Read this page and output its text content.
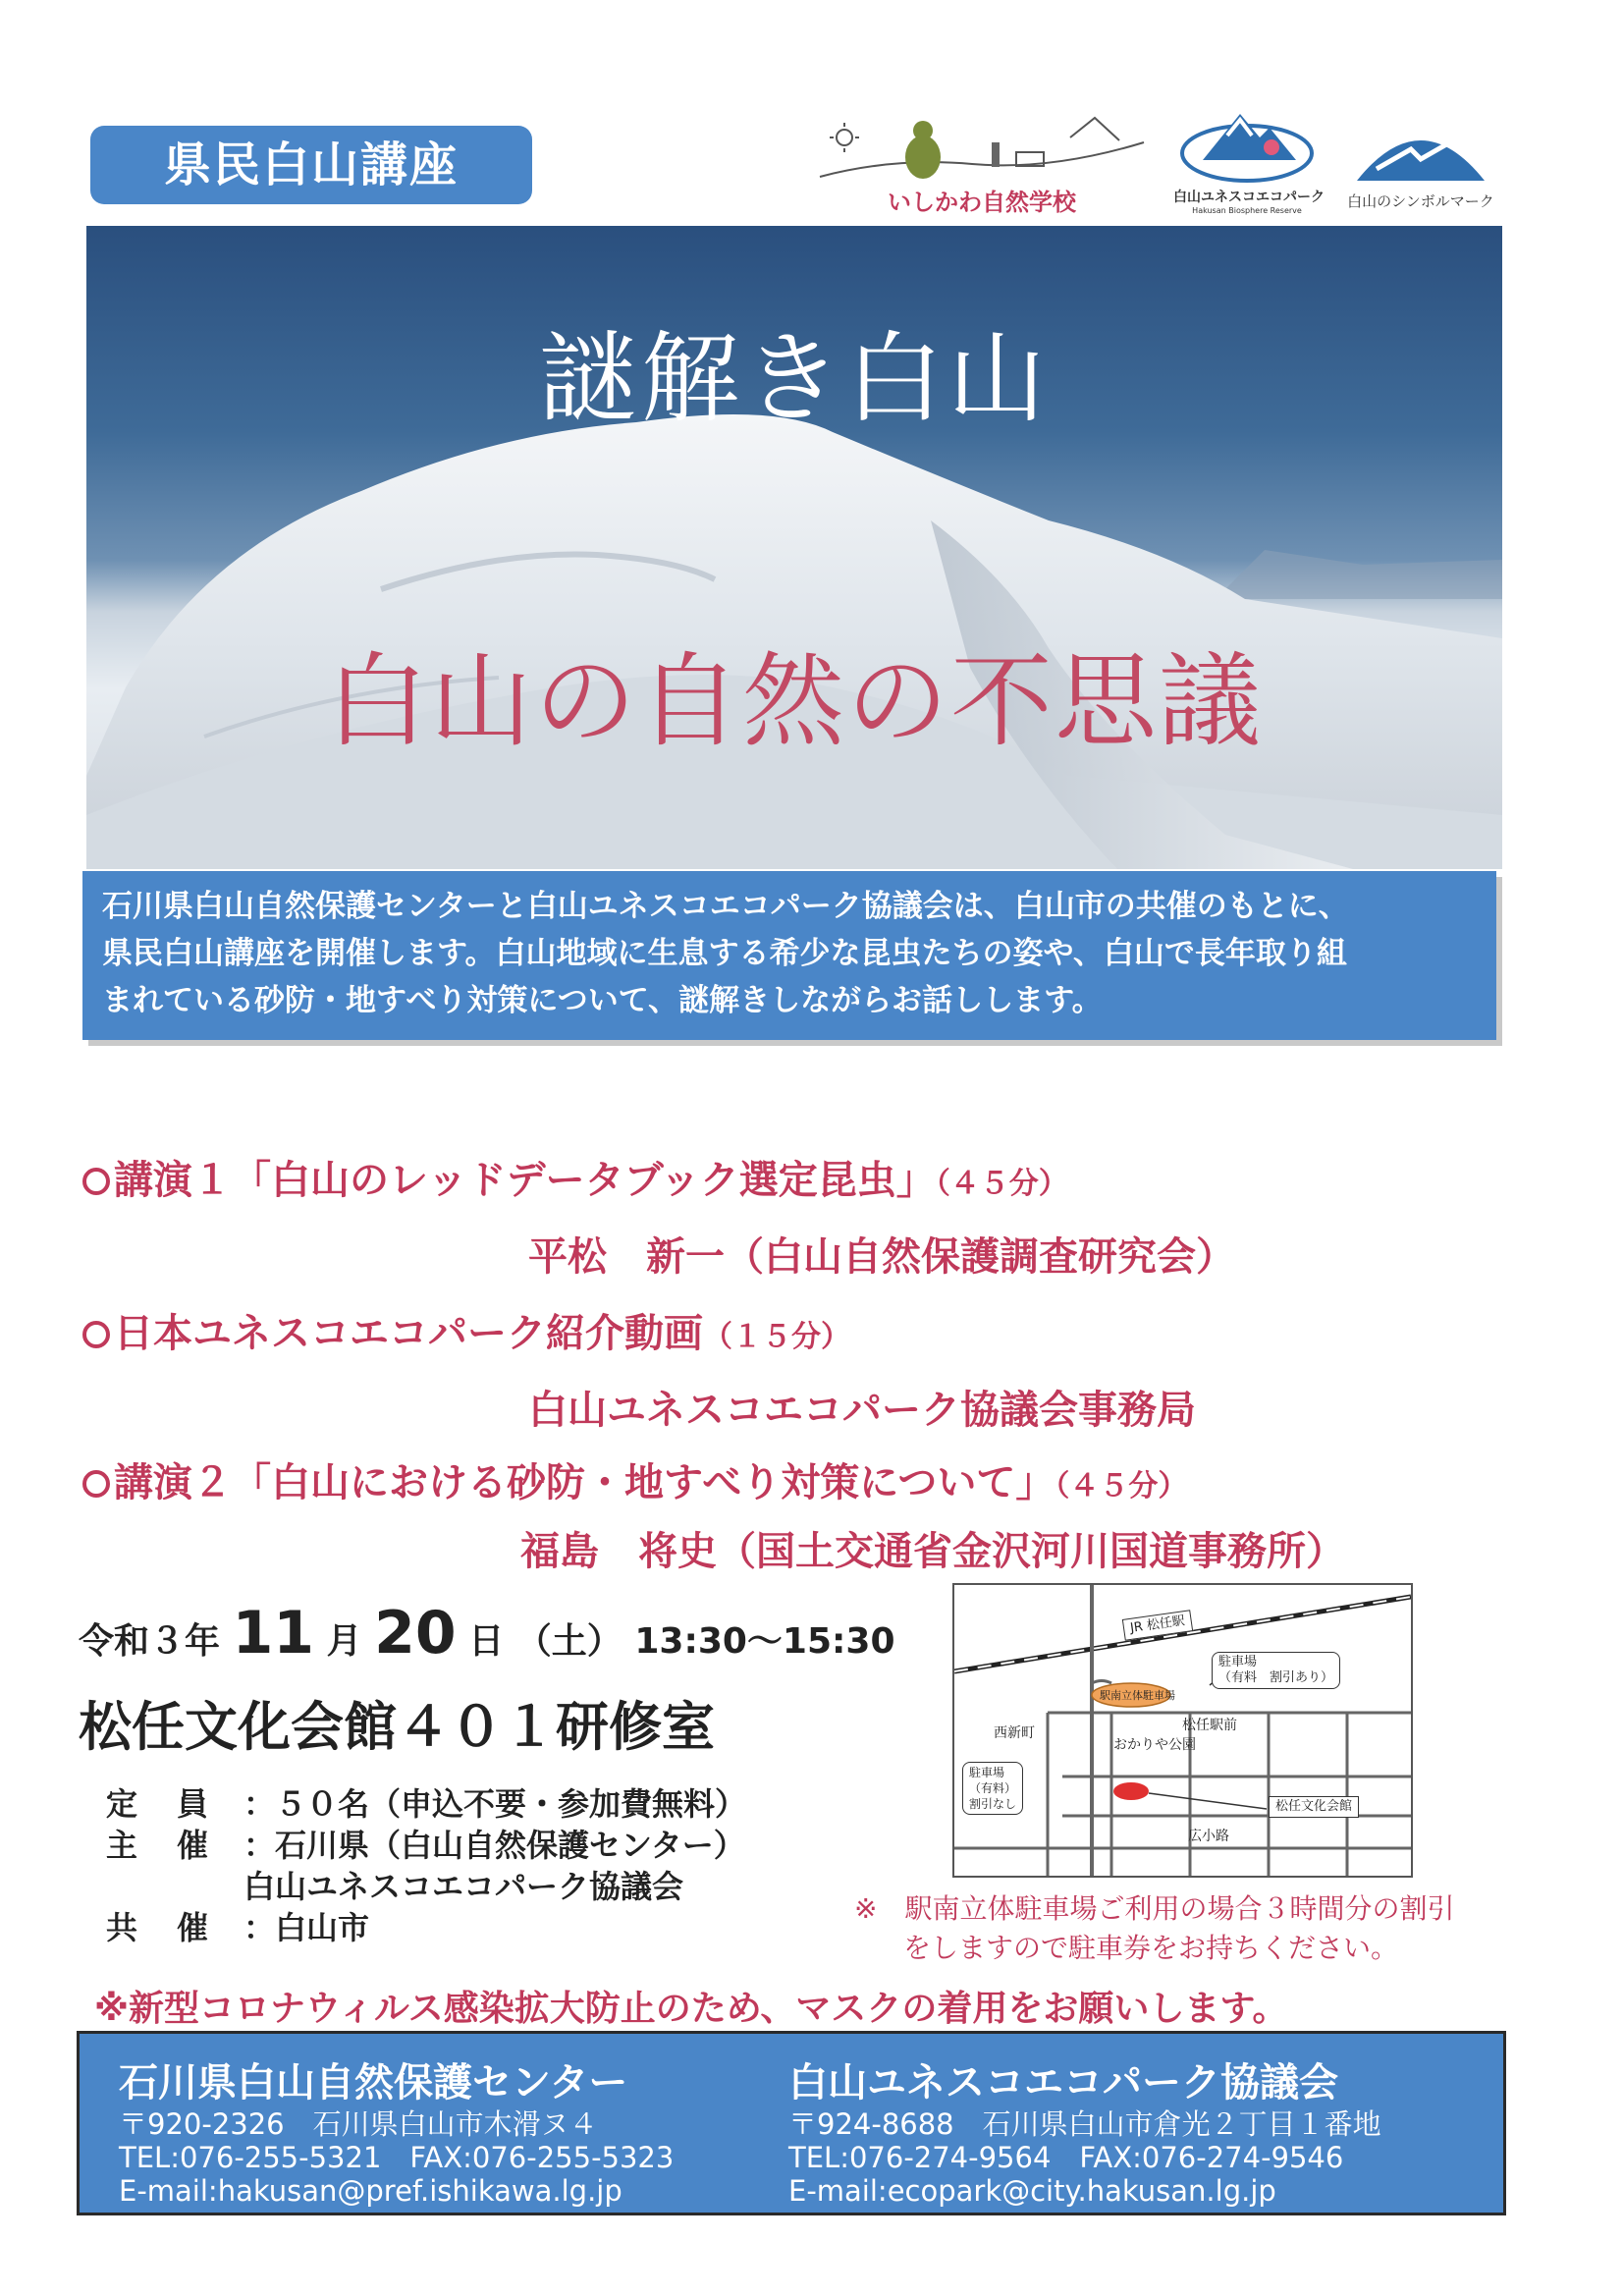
県民白山講座
いしかわ自然学校	白山ユネスコエコパーク
Hakusan Biosphere Reserve
白山のシンボルマーク
謎解き白山
白山の自然の不思議
石川県白山自然保護センターと白山ユネスコエコパーク協議会は、白山市の共催のもとに、
県民白山講座を開催します。白山地域に生息する希少な昆虫たちの姿や、白山で長年取り組
まれている砂防・地すべり対策について、謎解きしながらお話しします。
講演１「白山のレッドデータブック選定昆虫」（４５分）
平松　新一（白山自然保護調査研究会）
日本ユネスコエコパーク紹介動画（１５分）
白山ユネスコエコパーク協議会事務局
講演２「白山における砂防・地すべり対策について」（４５分）
福島　将史（国土交通省金沢河川国道事務所）
令和３年 11 月 20 日 （土） 13:30～15:30
松任文化会館４０１研修室
定員：５０名（申込不要・参加費無料）
主催：石川県（白山自然保護センター）
白山ユネスコエコパーク協議会
共催：白山市
JR 松任駅
駐車場
（有料　割引あり）
駅南立体駐車場
松任駅前
西新町
おかりや公園
駐車場
（有料）
割引なし	松任文化会館
広小路
※　駅南立体駐車場ご利用の場合３時間分の割引
をしますので駐車券をお持ちください。
※新型コロナウィルス感染拡大防止のため、マスクの着用をお願いします。
石川県白山自然保護センター
〒920-2326　石川県白山市木滑ヌ４
TEL:076-255-5321　FAX:076-255-5323
E-mail:hakusan@pref.ishikawa.lg.jp
白山ユネスコエコパーク協議会
〒924-8688　石川県白山市倉光２丁目１番地
TEL:076-274-9564　FAX:076-274-9546
E-mail:ecopark@city.hakusan.lg.jp
